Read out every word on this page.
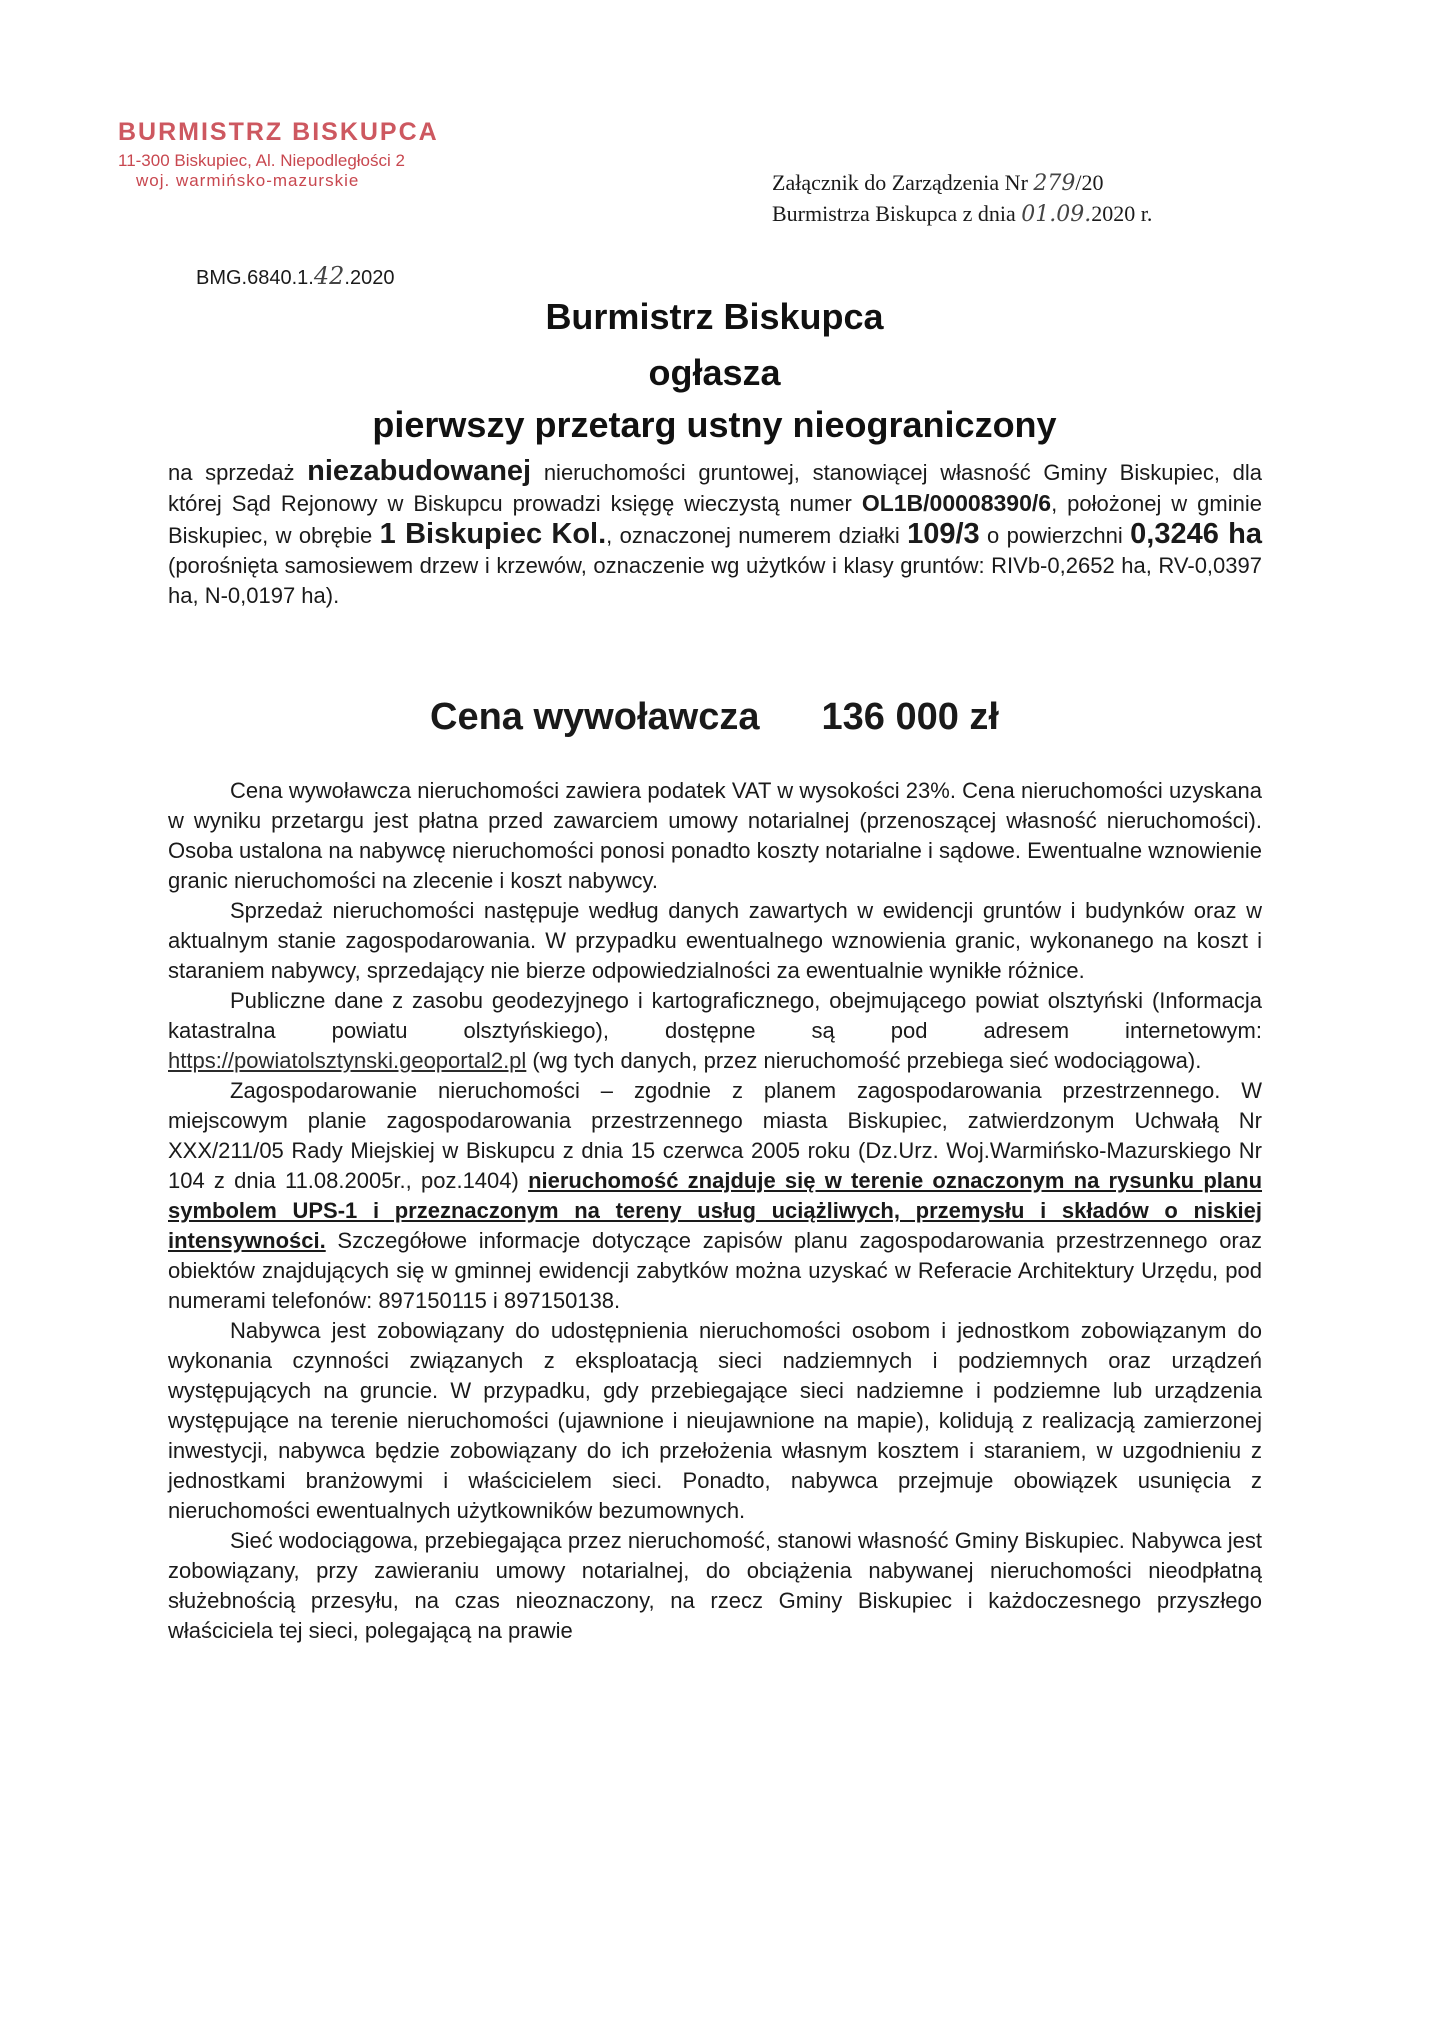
BURMISTRZ BISKUPCA
11-300 Biskupiec, Al. Niepodległości 2
woj. warmińsko-mazurskie	Załącznik do Zarządzenia Nr 279/20
Burmistrza Biskupca z dnia 01.09.2020 r.
BMG.6840.1.42.2020
Burmistrz Biskupca
ogłasza
pierwszy przetarg ustny nieograniczony
na sprzedaż niezabudowanej nieruchomości gruntowej, stanowiącej własność Gminy Biskupiec, dla której Sąd Rejonowy w Biskupcu prowadzi księgę wieczystą numer OL1B/00008390/6, położonej w gminie Biskupiec, w obrębie 1 Biskupiec Kol., oznaczonej numerem działki 109/3 o powierzchni 0,3246 ha (porośnięta samosiewem drzew i krzewów, oznaczenie wg użytków i klasy gruntów: RIVb-0,2652 ha, RV-0,0397 ha, N-0,0197 ha).
Cena wywoławcza 136 000 zł

Cena wywoławcza nieruchomości zawiera podatek VAT w wysokości 23%. Cena nieruchomości uzyskana w wyniku przetargu jest płatna przed zawarciem umowy notarialnej (przenoszącej własność nieruchomości). Osoba ustalona na nabywcę nieruchomości ponosi ponadto koszty notarialne i sądowe. Ewentualne wznowienie granic nieruchomości na zlecenie i koszt nabywcy.

Sprzedaż nieruchomości następuje według danych zawartych w ewidencji gruntów i budynków oraz w aktualnym stanie zagospodarowania. W przypadku ewentualnego wznowienia granic, wykonanego na koszt i staraniem nabywcy, sprzedający nie bierze odpowiedzialności za ewentualnie wynikłe różnice.

Publiczne dane z zasobu geodezyjnego i kartograficznego, obejmującego powiat olsztyński (Informacja katastralna powiatu olsztyńskiego), dostępne są pod adresem internetowym: https://powiatolsztynski.geoportal2.pl (wg tych danych, przez nieruchomość przebiega sieć wodociągowa).

Zagospodarowanie nieruchomości – zgodnie z planem zagospodarowania przestrzennego. W miejscowym planie zagospodarowania przestrzennego miasta Biskupiec, zatwierdzonym Uchwałą Nr XXX/211/05 Rady Miejskiej w Biskupcu z dnia 15 czerwca 2005 roku (Dz.Urz. Woj.Warmińsko-Mazurskiego Nr 104 z dnia 11.08.2005r., poz.1404) nieruchomość znajduje się w terenie oznaczonym na rysunku planu symbolem UPS-1 i przeznaczonym na tereny usług uciążliwych, przemysłu i składów o niskiej intensywności. Szczegółowe informacje dotyczące zapisów planu zagospodarowania przestrzennego oraz obiektów znajdujących się w gminnej ewidencji zabytków można uzyskać w Referacie Architektury Urzędu, pod numerami telefonów: 897150115 i 897150138.

Nabywca jest zobowiązany do udostępnienia nieruchomości osobom i jednostkom zobowiązanym do wykonania czynności związanych z eksploatacją sieci nadziemnych i podziemnych oraz urządzeń występujących na gruncie. W przypadku, gdy przebiegające sieci nadziemne i podziemne lub urządzenia występujące na terenie nieruchomości (ujawnione i nieujawnione na mapie), kolidują z realizacją zamierzonej inwestycji, nabywca będzie zobowiązany do ich przełożenia własnym kosztem i staraniem, w uzgodnieniu z jednostkami branżowymi i właścicielem sieci. Ponadto, nabywca przejmuje obowiązek usunięcia z nieruchomości ewentualnych użytkowników bezumownych.

Sieć wodociągowa, przebiegająca przez nieruchomość, stanowi własność Gminy Biskupiec. Nabywca jest zobowiązany, przy zawieraniu umowy notarialnej, do obciążenia nabywanej nieruchomości nieodpłatną służebnością przesyłu, na czas nieoznaczony, na rzecz Gminy Biskupiec i każdoczesnego przyszłego właściciela tej sieci, polegającą na prawie
